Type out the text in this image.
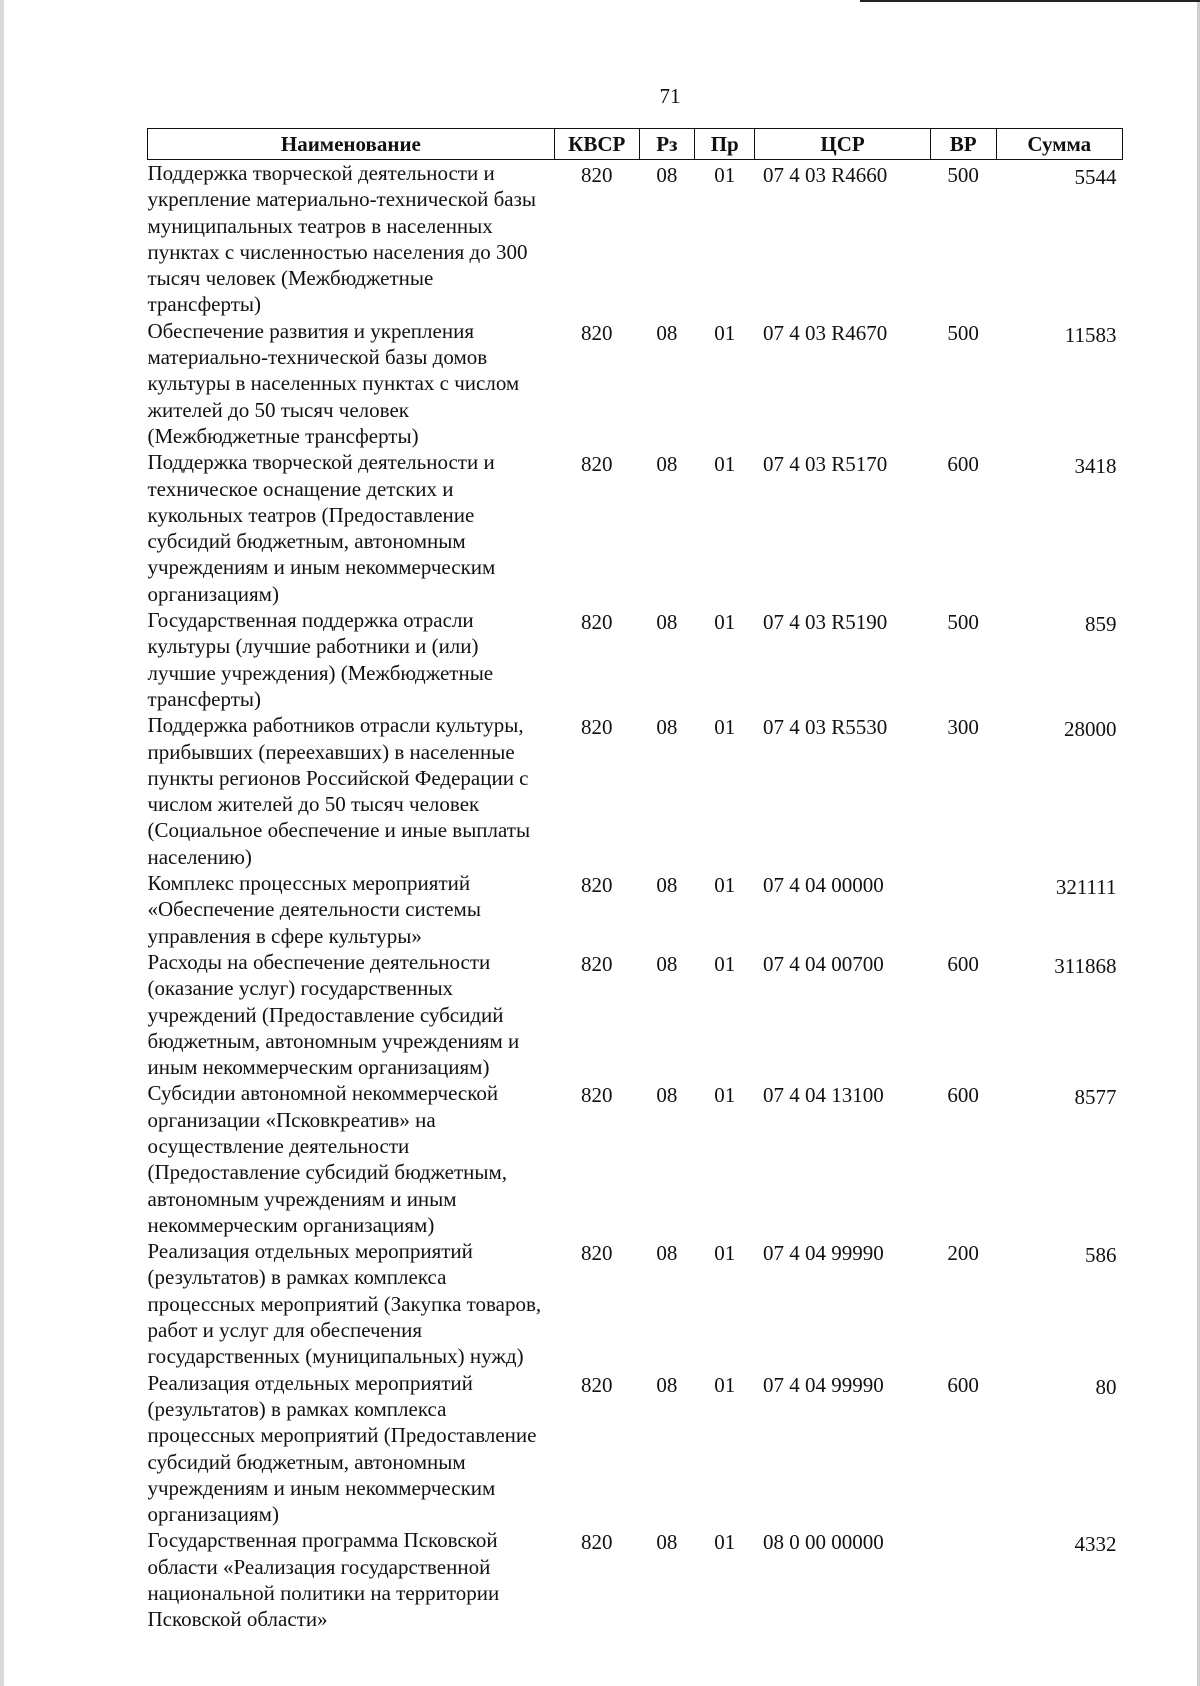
71
Наименование	КВСР	Рз	Пр	ЦСР	ВР	Сумма
Поддержка творческой деятельности и укрепление материально-технической базы муниципальных театров в населенных пунктах с численностью населения до 300 тысяч человек (Межбюджетные трансферты)	820	08	01	07 4 03 R4660	500	5544
Обеспечение развития и укрепления материально-технической базы домов культуры в населенных пунктах с числом жителей до 50 тысяч человек (Межбюджетные трансферты)	820	08	01	07 4 03 R4670	500	11583
Поддержка творческой деятельности и техническое оснащение детских и кукольных театров (Предоставление субсидий бюджетным, автономным учреждениям и иным некоммерческим организациям)	820	08	01	07 4 03 R5170	600	3418
Государственная поддержка отрасли культуры (лучшие работники и (или) лучшие учреждения) (Межбюджетные трансферты)	820	08	01	07 4 03 R5190	500	859
Поддержка работников отрасли культуры, прибывших (переехавших) в населенные пункты регионов Российской Федерации с числом жителей до 50 тысяч человек (Социальное обеспечение и иные выплаты населению)	820	08	01	07 4 03 R5530	300	28000
Комплекс процессных мероприятий «Обеспечение деятельности системы управления в сфере культуры»	820	08	01	07 4 04 00000		321111
Расходы на обеспечение деятельности (оказание услуг) государственных учреждений (Предоставление субсидий бюджетным, автономным учреждениям и иным некоммерческим организациям)	820	08	01	07 4 04 00700	600	311868
Субсидии автономной некоммерческой организации «Псковкреатив» на осуществление деятельности (Предоставление субсидий бюджетным, автономным учреждениям и иным некоммерческим организациям)	820	08	01	07 4 04 13100	600	8577
Реализация отдельных мероприятий (результатов) в рамках комплекса процессных мероприятий (Закупка товаров, работ и услуг для обеспечения государственных (муниципальных) нужд)	820	08	01	07 4 04 99990	200	586
Реализация отдельных мероприятий (результатов) в рамках комплекса процессных мероприятий (Предоставление субсидий бюджетным, автономным учреждениям и иным некоммерческим организациям)	820	08	01	07 4 04 99990	600	80
Государственная программа Псковской области «Реализация государственной национальной политики на территории Псковской области»	820	08	01	08 0 00 00000		4332
